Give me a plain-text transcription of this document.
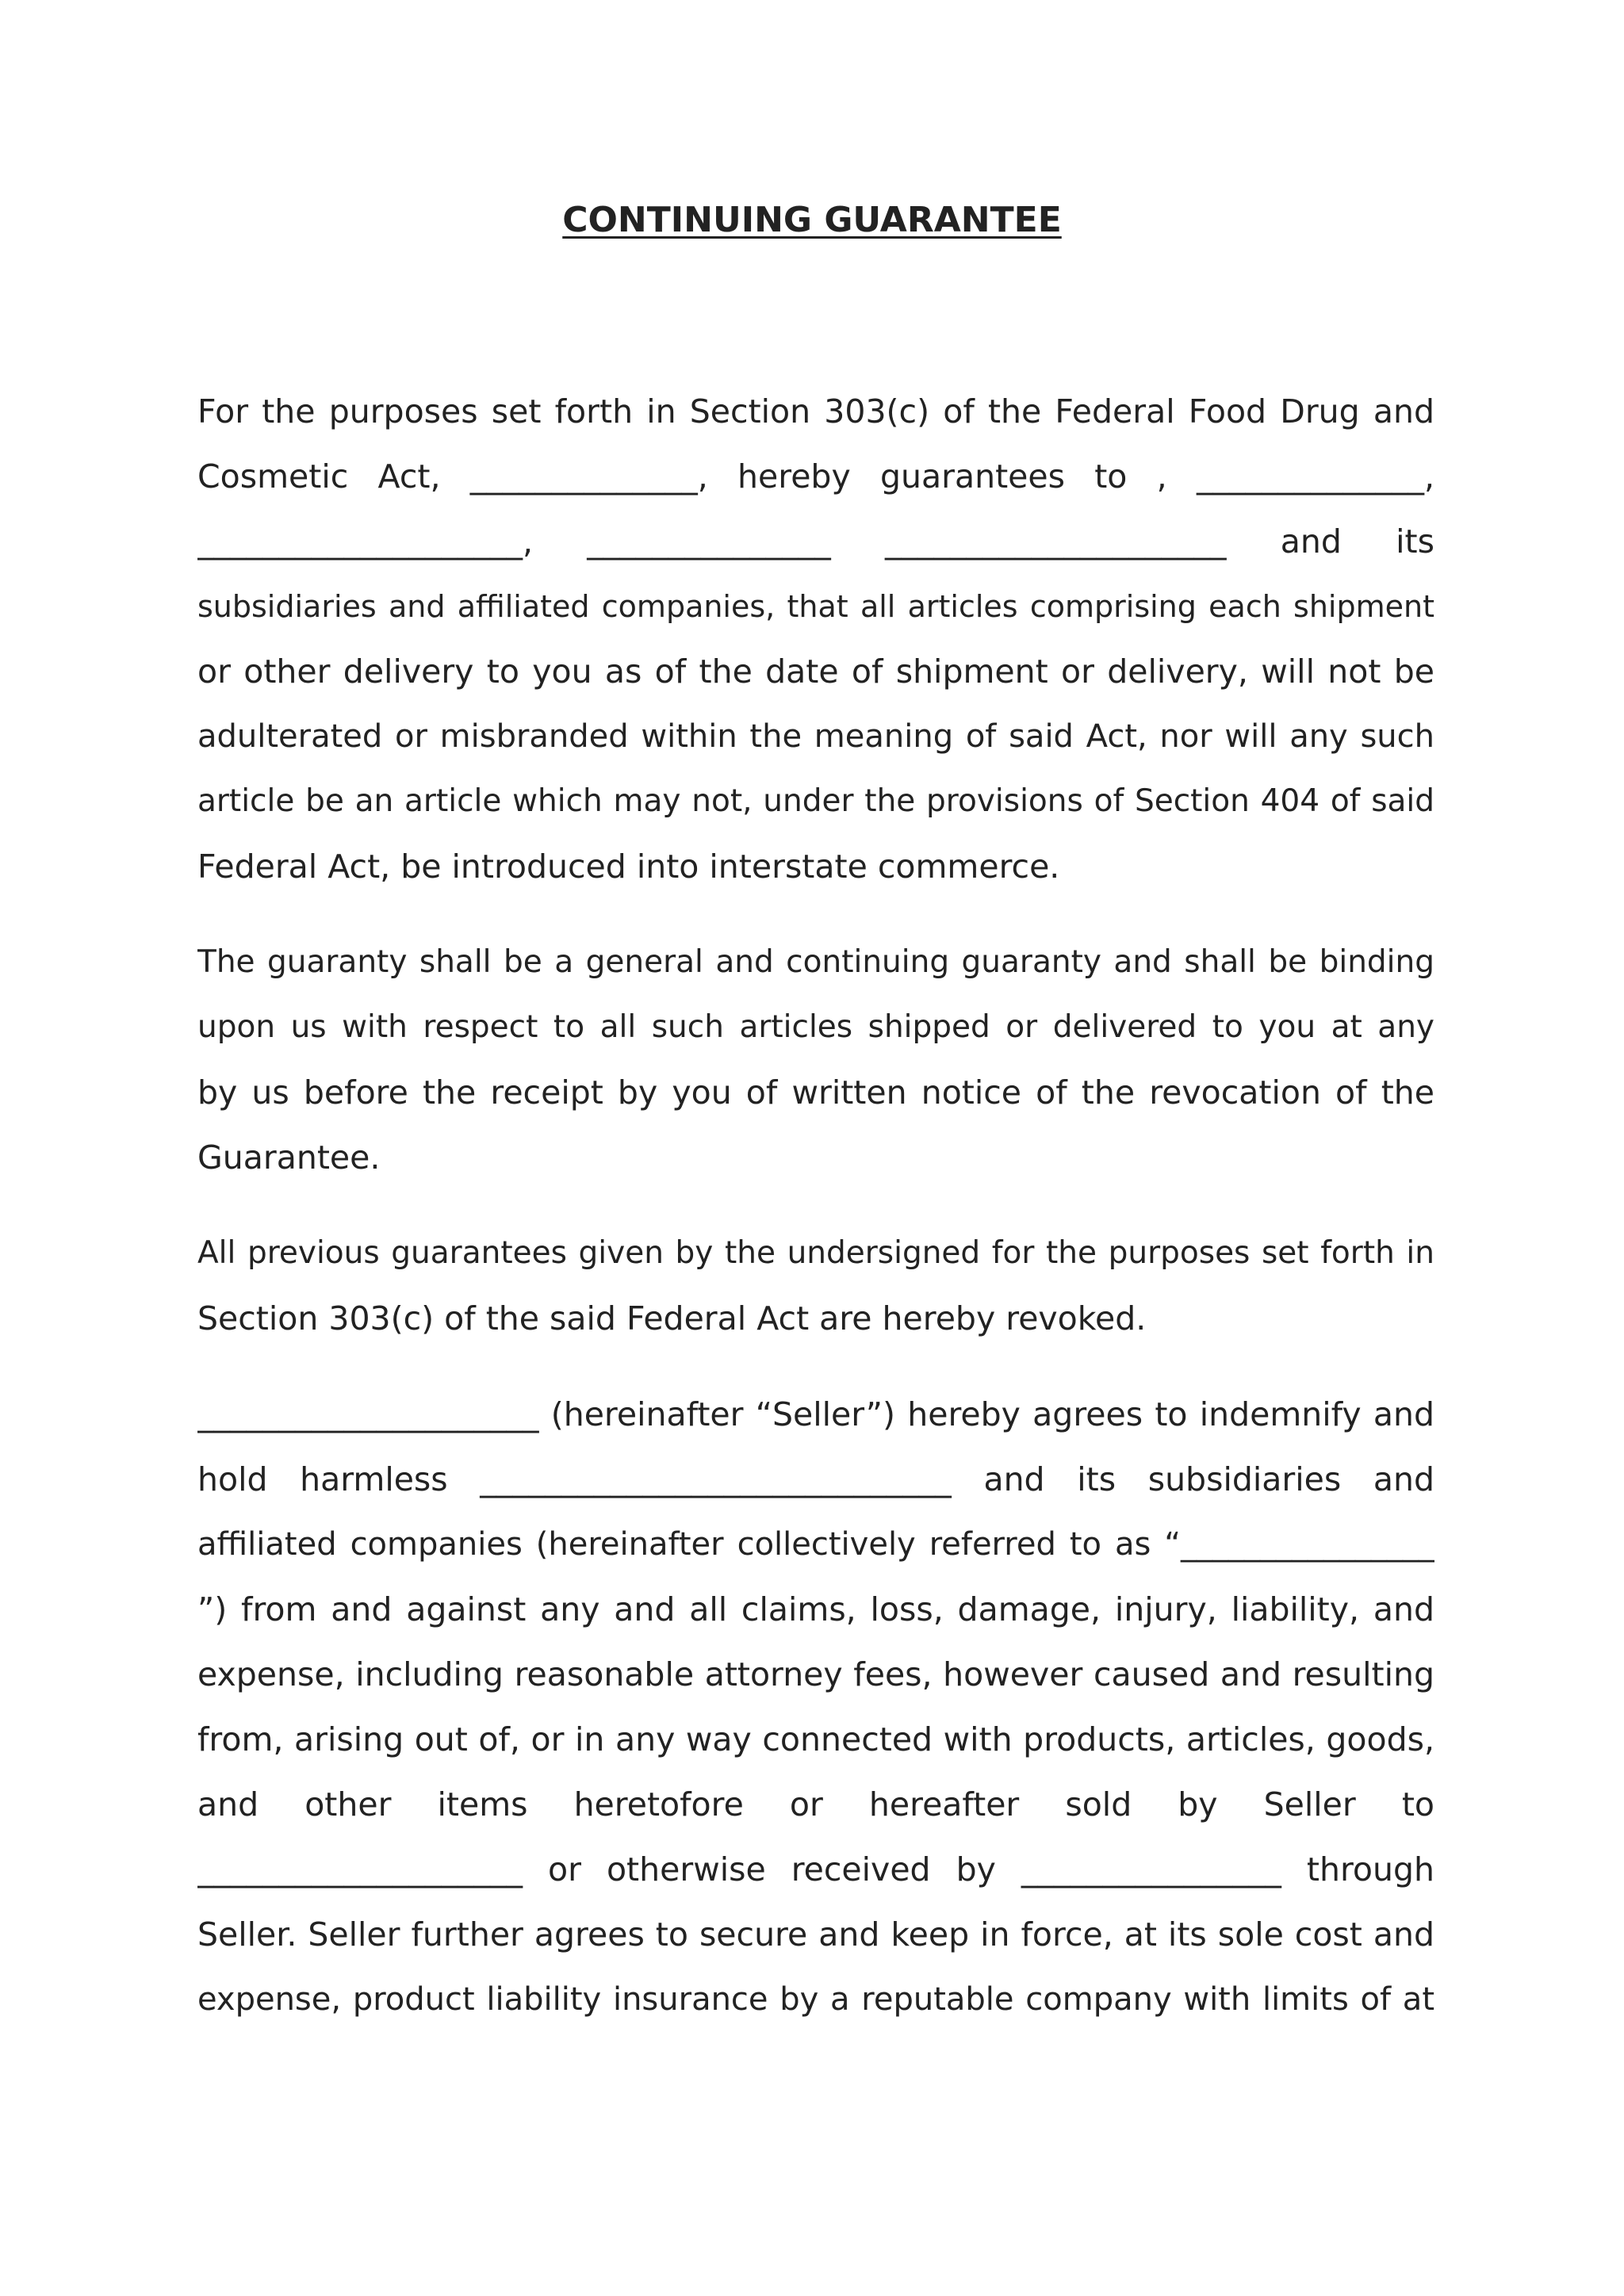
CONTINUING GUARANTEE
For the purposes set forth in Section 303(c) of the Federal Food Drug and
Cosmetic Act, ______________, hereby guarantees to , ______________,
____________________, _______________ _____________________ and its
subsidiaries and affiliated companies, that all articles comprising each shipment
or other delivery to you as of the date of shipment or delivery, will not be
adulterated or misbranded within the meaning of said Act, nor will any such
article be an article which may not, under the provisions of Section 404 of said
Federal Act, be introduced into interstate commerce.
The guaranty shall be a general and continuing guaranty and shall be binding
upon us with respect to all such articles shipped or delivered to you at any
by us before the receipt by you of written notice of the revocation of the
Guarantee.
All previous guarantees given by the undersigned for the purposes set forth in
Section 303(c) of the said Federal Act are hereby revoked.
_____________________ (hereinafter “Seller”) hereby agrees to indemnify and
hold harmless _____________________________ and its subsidiaries and
affiliated companies (hereinafter collectively referred to as “________________
”) from and against any and all claims, loss, damage, injury, liability, and
expense, including reasonable attorney fees, however caused and resulting
from, arising out of, or in any way connected with products, articles, goods,
and other items heretofore or hereafter sold by Seller to
____________________ or otherwise received by ________________ through
Seller. Seller further agrees to secure and keep in force, at its sole cost and
expense, product liability insurance by a reputable company with limits of at
